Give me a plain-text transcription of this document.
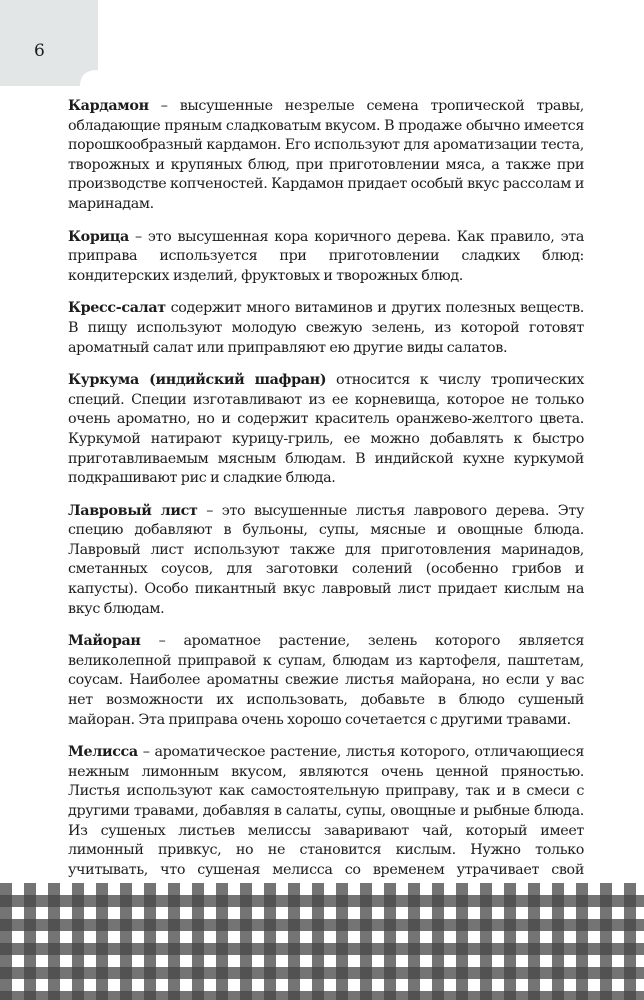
6

Кардамон – высушенные незрелые семена тропической травы, обладающие пряным сладковатым вкусом. В продаже обычно имеется порошкообразный кардамон. Его используют для ароматизации теста, творожных и крупяных блюд, при приготовлении мяса, а также при производстве копченостей. Кардамон придает особый вкус рассолам и маринадам.

Корица – это высушенная кора коричного дерева. Как правило, эта приправа используется при приготовлении сладких блюд: кондитерских изделий, фруктовых и творожных блюд.

Кресс-салат содержит много витаминов и других полезных веществ. В пищу используют молодую свежую зелень, из которой готовят ароматный салат или приправляют ею другие виды салатов.

Куркума (индийский шафран) относится к числу тропических специй. Специи изготавливают из ее корневища, которое не только очень ароматно, но и содержит краситель оранжево-желтого цвета. Куркумой натирают курицу-гриль, ее можно добавлять к быстро приготавливаемым мясным блюдам. В индийской кухне куркумой подкрашивают рис и сладкие блюда.

Лавровый лист – это высушенные листья лаврового дерева. Эту специю добавляют в бульоны, супы, мясные и овощные блюда. Лавровый лист используют также для приготовления маринадов, сметанных соусов, для заготовки солений (особенно грибов и капусты). Особо пикантный вкус лавровый лист придает кислым на вкус блюдам.

Майоран – ароматное растение, зелень которого является великолепной приправой к супам, блюдам из картофеля, паштетам, соусам. Наиболее ароматны свежие листья майорана, но если у вас нет возможности их использовать, добавьте в блюдо сушеный майоран. Эта приправа очень хорошо сочетается с другими травами.

Мелисса – ароматическое растение, листья которого, отличающиеся нежным лимонным вкусом, являются очень ценной пряностью. Листья используют как самостоятельную приправу, так и в смеси с другими травами, добавляя в салаты, супы, овощные и рыбные блюда. Из сушеных листьев мелиссы заваривают чай, который имеет лимонный привкус, но не становится кислым. Нужно только учитывать, что сушеная мелисса со временем утрачивает свой
